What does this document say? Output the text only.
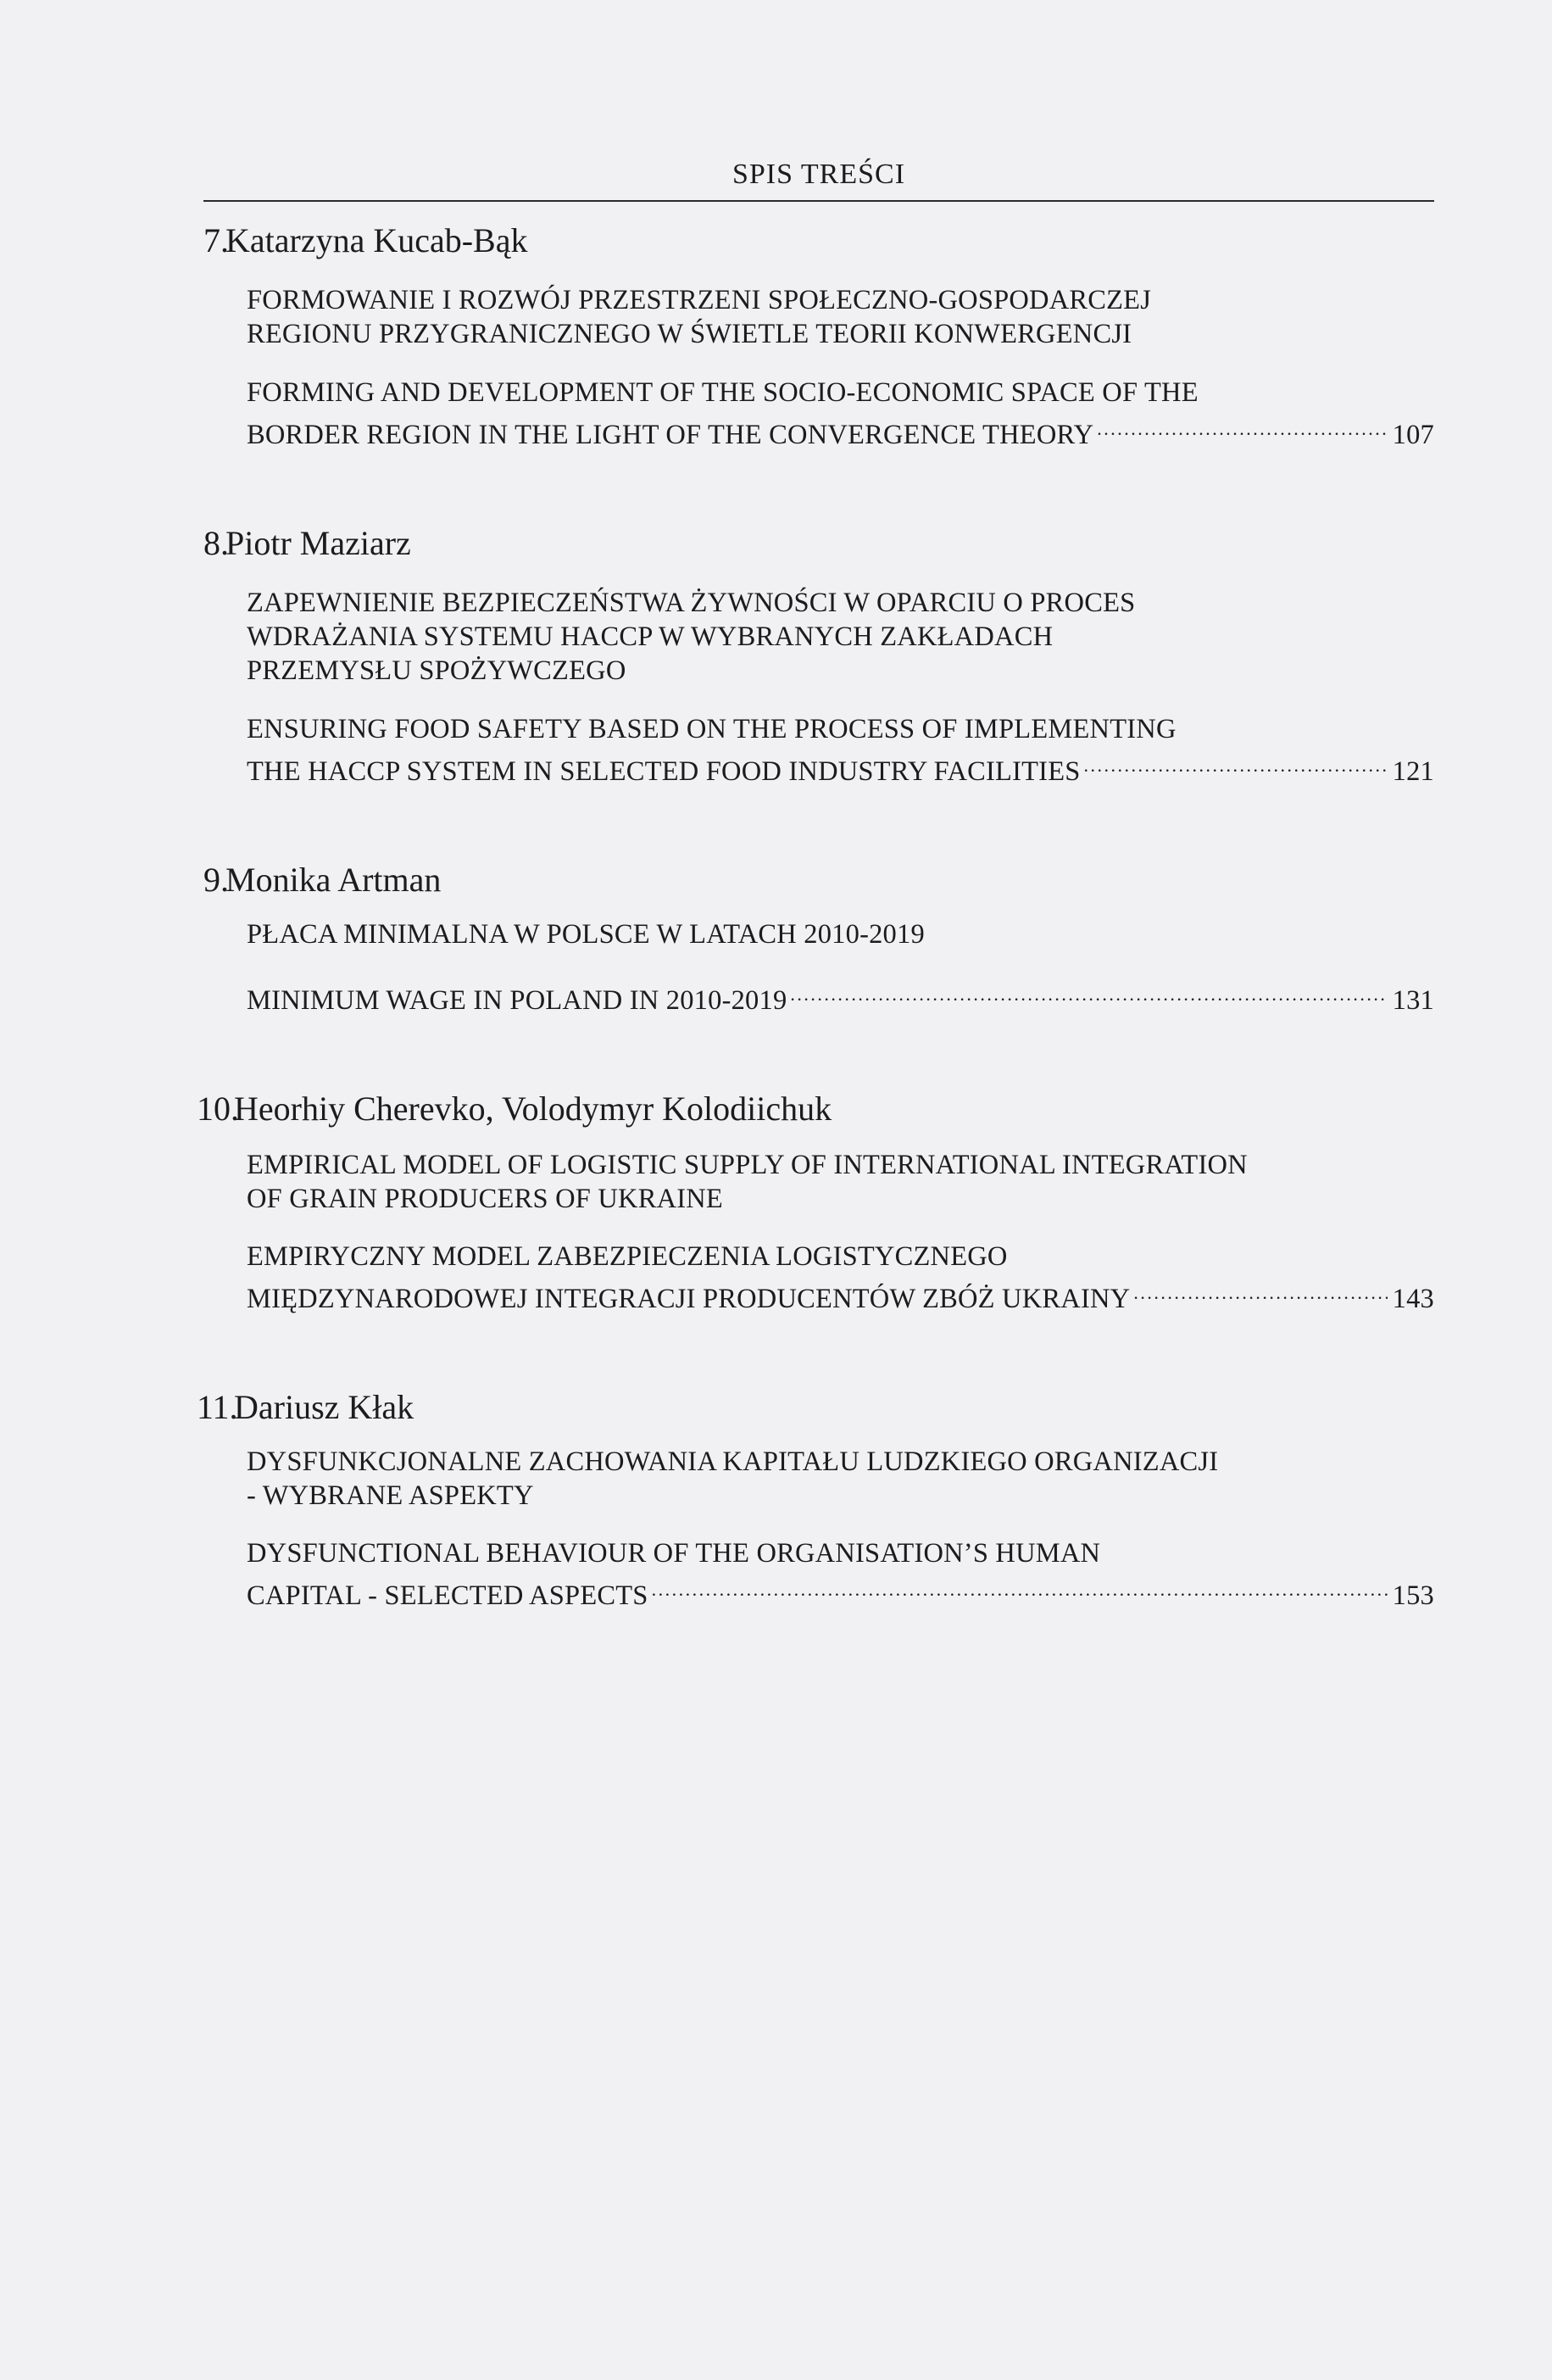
SPIS TREŚCI
7.Katarzyna Kucab-Bąk
FORMOWANIE I ROZWÓJ PRZESTRZENI SPOŁECZNO-GOSPODARCZEJ
REGIONU PRZYGRANICZNEGO W ŚWIETLE TEORII KONWERGENCJI
FORMING AND DEVELOPMENT OF THE SOCIO-ECONOMIC SPACE OF THE
BORDER REGION IN THE LIGHT OF THE CONVERGENCE THEORY .....	107
8.Piotr Maziarz
ZAPEWNIENIE BEZPIECZEŃSTWA ŻYWNOŚCI W OPARCIU O PROCES
WDRAŻANIA SYSTEMU HACCP W WYBRANYCH ZAKŁADACH
PRZEMYSŁU SPOŻYWCZEGO
ENSURING FOOD SAFETY BASED ON THE PROCESS OF IMPLEMENTING
THE HACCP SYSTEM IN SELECTED FOOD INDUSTRY FACILITIES .....	121
9.Monika Artman
PŁACA MINIMALNA W POLSCE W LATACH 2010-2019
MINIMUM WAGE IN POLAND IN 2010-2019 .....	131
10.Heorhiy Cherevko, Volodymyr Kolodiichuk
EMPIRICAL MODEL OF LOGISTIC SUPPLY OF INTERNATIONAL INTEGRATION
OF GRAIN PRODUCERS OF UKRAINE
EMPIRYCZNY MODEL ZABEZPIECZENIA LOGISTYCZNEGO
MIĘDZYNARODOWEJ INTEGRACJI PRODUCENTÓW ZBÓŻ UKRAINY .....	143
11.Dariusz Kłak
DYSFUNKCJONALNE ZACHOWANIA KAPITAŁU LUDZKIEGO ORGANIZACJI
- WYBRANE ASPEKTY
DYSFUNCTIONAL BEHAVIOUR OF THE ORGANISATION’S HUMAN
CAPITAL - SELECTED ASPECTS .....	153
